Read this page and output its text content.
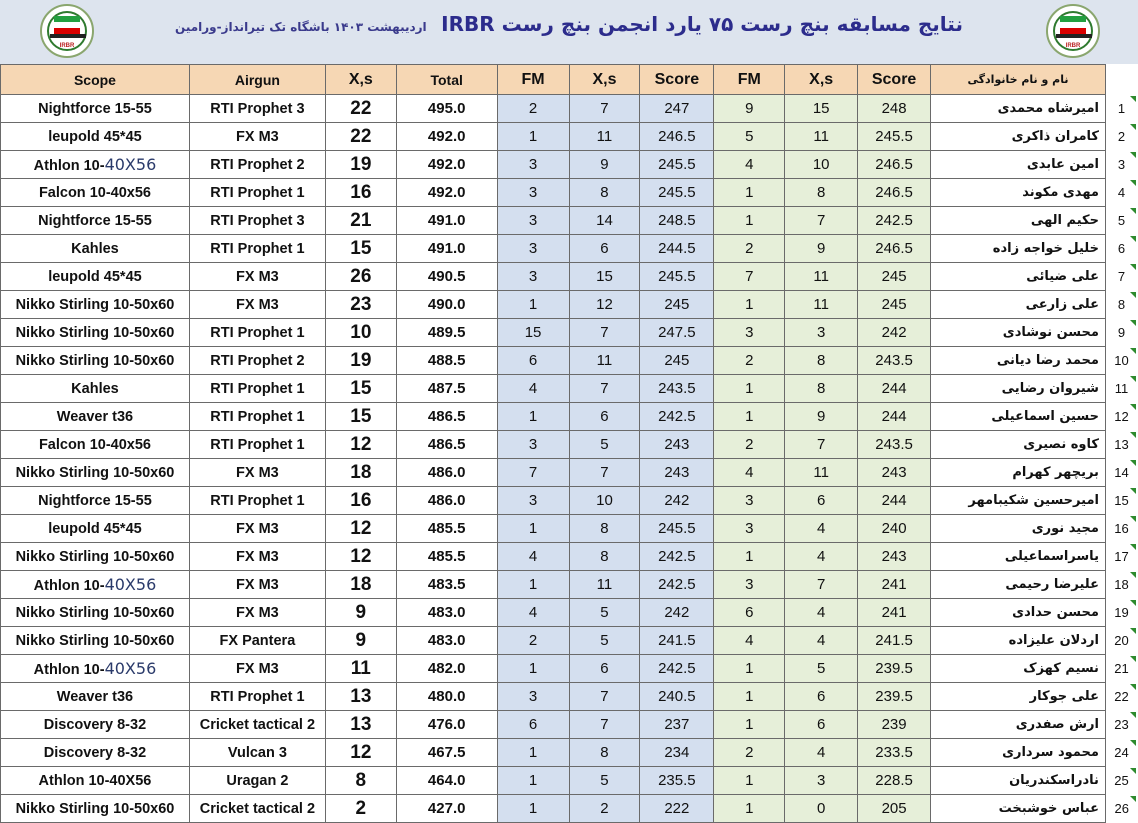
IRBR
نتایج مسابقه بنچ رست ۷۵ یارد انجمن بنچ رست IRBR اردیبهشت ۱۴۰۳ باشگاه تک تیرانداز-ورامین
IRBR
Scope	Airgun	X,s	Total	FM	X,s	Score	FM	X,s	Score	نام و نام خانوادگی	
Nightforce 15-55	RTI Prophet 3	22	495.0	2	7	247	9	15	248	امیرشاه محمدی	1
leupold 45*45	FX M3	22	492.0	1	11	246.5	5	11	245.5	کامران ذاکری	2
Athlon 10-40X56	RTI Prophet 2	19	492.0	3	9	245.5	4	10	246.5	امین عابدی	3
Falcon 10-40x56	RTI Prophet 1	16	492.0	3	8	245.5	1	8	246.5	مهدی مکوند	4
Nightforce 15-55	RTI Prophet 3	21	491.0	3	14	248.5	1	7	242.5	حکیم الهی	5
Kahles	RTI Prophet 1	15	491.0	3	6	244.5	2	9	246.5	خلیل خواجه زاده	6
leupold 45*45	FX M3	26	490.5	3	15	245.5	7	11	245	علی ضیائی	7
Nikko Stirling 10-50x60	FX M3	23	490.0	1	12	245	1	11	245	علی زارعی	8
Nikko Stirling 10-50x60	RTI Prophet 1	10	489.5	15	7	247.5	3	3	242	محسن نوشادی	9
Nikko Stirling 10-50x60	RTI Prophet 2	19	488.5	6	11	245	2	8	243.5	محمد رضا دیانی	10
Kahles	RTI Prophet 1	15	487.5	4	7	243.5	1	8	244	شیروان رضایی	11
Weaver t36	RTI Prophet 1	15	486.5	1	6	242.5	1	9	244	حسین اسماعیلی	12
Falcon 10-40x56	RTI Prophet 1	12	486.5	3	5	243	2	7	243.5	کاوه نصیری	13
Nikko Stirling 10-50x60	FX M3	18	486.0	7	7	243	4	11	243	بریچهر کهرام	14
Nightforce 15-55	RTI Prophet 1	16	486.0	3	10	242	3	6	244	امیرحسین شکیبامهر	15
leupold 45*45	FX M3	12	485.5	1	8	245.5	3	4	240	مجید نوری	16
Nikko Stirling 10-50x60	FX M3	12	485.5	4	8	242.5	1	4	243	یاسراسماعیلی	17
Athlon 10-40X56	FX M3	18	483.5	1	11	242.5	3	7	241	علیرضا رحیمی	18
Nikko Stirling 10-50x60	FX M3	9	483.0	4	5	242	6	4	241	محسن حدادی	19
Nikko Stirling 10-50x60	FX Pantera	9	483.0	2	5	241.5	4	4	241.5	اردلان علیزاده	20
Athlon 10-40X56	FX M3	11	482.0	1	6	242.5	1	5	239.5	نسیم کهزک	21
Weaver t36	RTI Prophet 1	13	480.0	3	7	240.5	1	6	239.5	علی جوکار	22
Discovery 8-32	Cricket tactical 2	13	476.0	6	7	237	1	6	239	ارش صفدری	23
Discovery 8-32	Vulcan 3	12	467.5	1	8	234	2	4	233.5	محمود سرداری	24
Athlon 10-40X56	Uragan 2	8	464.0	1	5	235.5	1	3	228.5	نادراسکندریان	25
Nikko Stirling 10-50x60	Cricket tactical 2	2	427.0	1	2	222	1	0	205	عباس خوشبخت	26
